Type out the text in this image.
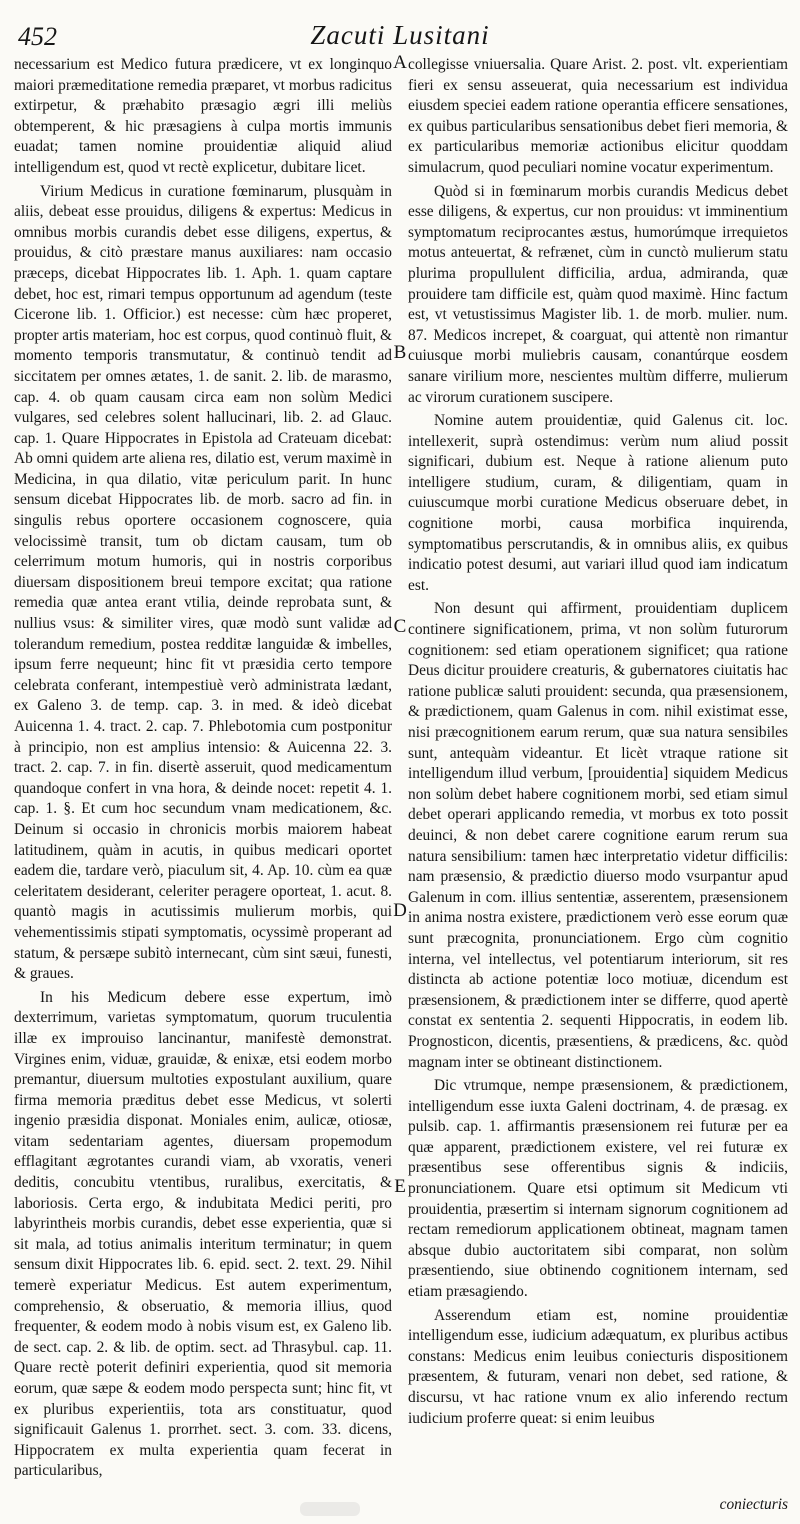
452	Zacuti Lusitani

necessarium est Medico futura prædicere, vt ex longinquo maiori præmeditatione remedia præparet, vt morbus radicitus extirpetur, & præhabito præsagio ægri illi meliùs obtemperent, & hic præsagiens à culpa mortis immunis euadat; tamen nomine prouidentiæ aliquid aliud intelligendum est, quod vt rectè explicetur, dubitare licet.

Virium Medicus in curatione fœminarum, plusquàm in aliis, debeat esse prouidus, diligens & expertus: Medicus in omnibus morbis curandis debet esse diligens, expertus, & prouidus, & citò præstare manus auxiliares: nam occasio præceps, dicebat Hippocrates lib. 1. Aph. 1. quam captare debet, hoc est, rimari tempus opportunum ad agendum (teste Cicerone lib. 1. Officior.) est necesse: cùm hæc properet, propter artis materiam, hoc est corpus, quod continuò fluit, & momento temporis transmutatur, & continuò tendit ad siccitatem per omnes ætates, 1. de sanit. 2. lib. de marasmo, cap. 4. ob quam causam circa eam non solùm Medici vulgares, sed celebres solent hallucinari, lib. 2. ad Glauc. cap. 1. Quare Hippocrates in Epistola ad Crateuam dicebat: Ab omni quidem arte aliena res, dilatio est, verum maximè in Medicina, in qua dilatio, vitæ periculum parit. In hunc sensum dicebat Hippocrates lib. de morb. sacro ad fin. in singulis rebus oportere occasionem cognoscere, quia velocissimè transit, tum ob dictam causam, tum ob celerrimum motum humoris, qui in nostris corporibus diuersam dispositionem breui tempore excitat; qua ratione remedia quæ antea erant vtilia, deinde reprobata sunt, & nullius vsus: & similiter vires, quæ modò sunt validæ ad tolerandum remedium, postea redditæ languidæ & imbelles, ipsum ferre nequeunt; hinc fit vt præsidia certo tempore celebrata conferant, intempestiuè verò administrata lædant, ex Galeno 3. de temp. cap. 3. in med. & ideò dicebat Auicenna 1. 4. tract. 2. cap. 7. Phlebotomia cum postponitur à principio, non est amplius intensio: & Auicenna 22. 3. tract. 2. cap. 7. in fin. disertè asseruit, quod medicamentum quandoque confert in vna hora, & deinde nocet: repetit 4. 1. cap. 1. §. Et cum hoc secundum vnam medicationem, &c. Deinum si occasio in chronicis morbis maiorem habeat latitudinem, quàm in acutis, in quibus medicari oportet eadem die, tardare verò, piaculum sit, 4. Ap. 10. cùm ea quæ celeritatem desiderant, celeriter peragere oporteat, 1. acut. 8. quantò magis in acutissimis mulierum morbis, qui vehementissimis stipati symptomatis, ocyssimè properant ad statum, & persæpe subitò internecant, cùm sint sæui, funesti, & graues.

In his Medicum debere esse expertum, imò dexterrimum, varietas symptomatum, quorum truculentia illæ ex improuiso lancinantur, manifestè demonstrat. Virgines enim, viduæ, grauidæ, & enixæ, etsi eodem morbo premantur, diuersum multoties expostulant auxilium, quare firma memoria præditus debet esse Medicus, vt solerti ingenio præsidia disponat. Moniales enim, aulicæ, otiosæ, vitam sedentariam agentes, diuersam propemodum efflagitant ægrotantes curandi viam, ab vxoratis, veneri deditis, concubitu vtentibus, ruralibus, exercitatis, & laboriosis. Certa ergo, & indubitata Medici periti, pro labyrintheis morbis curandis, debet esse experientia, quæ si sit mala, ad totius animalis interitum terminatur; in quem sensum dixit Hippocrates lib. 6. epid. sect. 2. text. 29. Nihil temerè experiatur Medicus. Est autem experimentum, comprehensio, & obseruatio, & memoria illius, quod frequenter, & eodem modo à nobis visum est, ex Galeno lib. de sect. cap. 2. & lib. de optim. sect. ad Thrasybul. cap. 11. Quare rectè poterit definiri experientia, quod sit memoria eorum, quæ sæpe & eodem modo perspecta sunt; hinc fit, vt ex pluribus experientiis, tota ars constituatur, quod significauit Galenus 1. prorrhet. sect. 3. com. 33. dicens, Hippocratem ex multa experientia quam fecerat in particularibus,

collegisse vniuersalia. Quare Arist. 2. post. vlt. experientiam fieri ex sensu asseuerat, quia necessarium est individua eiusdem speciei eadem ratione operantia efficere sensationes, ex quibus particularibus sensationibus debet fieri memoria, & ex particularibus memoriæ actionibus elicitur quoddam simulacrum, quod peculiari nomine vocatur experimentum.

Quòd si in fœminarum morbis curandis Medicus debet esse diligens, & expertus, cur non prouidus: vt imminentium symptomatum reciprocantes æstus, humorúmque irrequietos motus anteuertat, & refrænet, cùm in cunctò mulierum statu plurima propullulent difficilia, ardua, admiranda, quæ prouidere tam difficile est, quàm quod maximè. Hinc factum est, vt vetustissimus Magister lib. 1. de morb. mulier. num. 87. Medicos increpet, & coarguat, qui attentè non rimantur cuiusque morbi muliebris causam, conantúrque eosdem sanare virilium more, nescientes multùm differre, mulierum ac virorum curationem suscipere.

Nomine autem prouidentiæ, quid Galenus cit. loc. intellexerit, suprà ostendimus: verùm num aliud possit significari, dubium est. Neque à ratione alienum puto intelligere studium, curam, & diligentiam, quam in cuiuscumque morbi curatione Medicus obseruare debet, in cognitione morbi, causa morbifica inquirenda, symptomatibus perscrutandis, & in omnibus aliis, ex quibus indicatio potest desumi, aut variari illud quod iam indicatum est.

Non desunt qui affirment, prouidentiam duplicem continere significationem, prima, vt non solùm futurorum cognitionem: sed etiam operationem significet; qua ratione Deus dicitur prouidere creaturis, & gubernatores ciuitatis hac ratione publicæ saluti prouident: secunda, qua præsensionem, & prædictionem, quam Galenus in com. nihil existimat esse, nisi præcognitionem earum rerum, quæ sua natura sensibiles sunt, antequàm videantur. Et licèt vtraque ratione sit intelligendum illud verbum, [prouidentia] siquidem Medicus non solùm debet habere cognitionem morbi, sed etiam simul debet operari applicando remedia, vt morbus ex toto possit deuinci, & non debet carere cognitione earum rerum sua natura sensibilium: tamen hæc interpretatio videtur difficilis: nam præsensio, & prædictio diuerso modo vsurpantur apud Galenum in com. illius sententiæ, asserentem, præsensionem in anima nostra existere, prædictionem verò esse eorum quæ sunt præcognita, pronunciationem. Ergo cùm cognitio interna, vel intellectus, vel potentiarum interiorum, sit res distincta ab actione potentiæ loco motiuæ, dicendum est præsensionem, & prædictionem inter se differre, quod apertè constat ex sententia 2. sequenti Hippocratis, in eodem lib. Prognosticon, dicentis, præsentiens, & prædicens, &c. quòd magnam inter se obtineant distinctionem.

Dic vtrumque, nempe præsensionem, & prædictionem, intelligendum esse iuxta Galeni doctrinam, 4. de præsag. ex pulsib. cap. 1. affirmantis præsensionem rei futuræ per ea quæ apparent, prædictionem existere, vel rei futuræ ex præsentibus sese offerentibus signis & indiciis, pronunciationem. Quare etsi optimum sit Medicum vti prouidentia, præsertim si internam signorum cognitionem ad rectam remediorum applicationem obtineat, magnam tamen absque dubio auctoritatem sibi comparat, non solùm præsentiendo, siue obtinendo cognitionem internam, sed etiam præsagiendo.

Asserendum etiam est, nomine prouidentiæ intelligendum esse, iudicium adæquatum, ex pluribus actibus constans: Medicus enim leuibus coniecturis dispositionem præsentem, & futuram, venari non debet, sed ratione, & discursu, vt hac ratione vnum ex alio inferendo rectum iudicium proferre queat: si enim leuibus

A
B
C
D
E
coniecturis
